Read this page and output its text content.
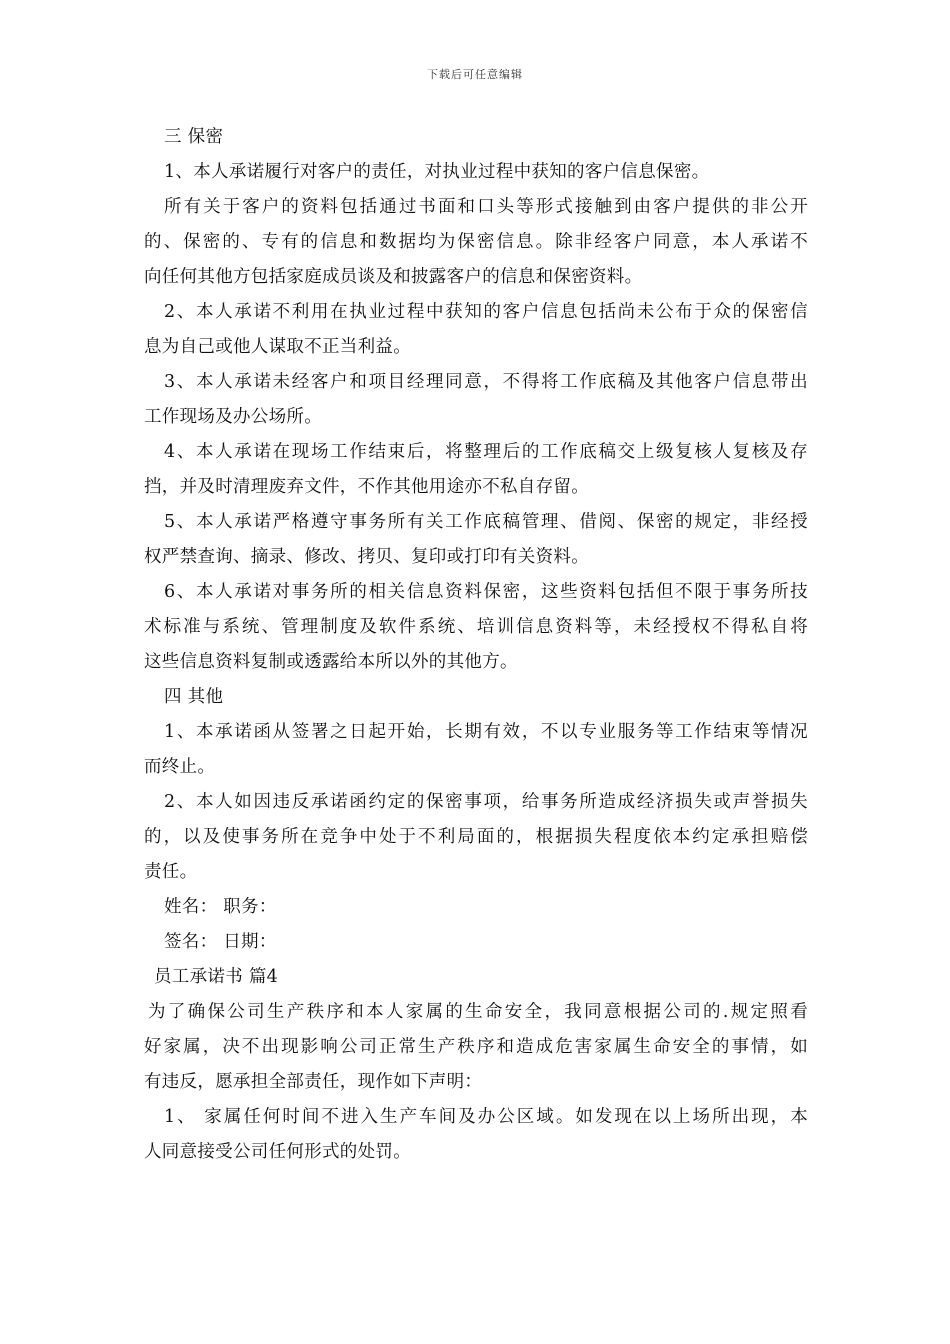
下载后可任意编辑
三 保密
1、本人承诺履行对客户的责任，对执业过程中获知的客户信息保密。
所有关于客户的资料包括通过书面和口头等形式接触到由客户提供的非公开
的、保密的、专有的信息和数据均为保密信息。除非经客户同意，本人承诺不
向任何其他方包括家庭成员谈及和披露客户的信息和保密资料。
2、本人承诺不利用在执业过程中获知的客户信息包括尚未公布于众的保密信
息为自己或他人谋取不正当利益。
3、本人承诺未经客户和项目经理同意，不得将工作底稿及其他客户信息带出
工作现场及办公场所。
4、本人承诺在现场工作结束后，将整理后的工作底稿交上级复核人复核及存
挡，并及时清理废弃文件，不作其他用途亦不私自存留。
5、本人承诺严格遵守事务所有关工作底稿管理、借阅、保密的规定，非经授
权严禁查询、摘录、修改、拷贝、复印或打印有关资料。
6、本人承诺对事务所的相关信息资料保密，这些资料包括但不限于事务所技
术标准与系统、管理制度及软件系统、培训信息资料等，未经授权不得私自将
这些信息资料复制或透露给本所以外的其他方。
四 其他
1、本承诺函从签署之日起开始，长期有效，不以专业服务等工作结束等情况
而终止。
2、本人如因违反承诺函约定的保密事项，给事务所造成经济损失或声誉损失
的，以及使事务所在竞争中处于不利局面的，根据损失程度依本约定承担赔偿
责任。
姓名： 职务：
签名： 日期：
员工承诺书 篇4
为了确保公司生产秩序和本人家属的生命安全，我同意根据公司的.规定照看
好家属，决不出现影响公司正常生产秩序和造成危害家属生命安全的事情，如
有违反，愿承担全部责任，现作如下声明：
1、 家属任何时间不进入生产车间及办公区域。如发现在以上场所出现，本
人同意接受公司任何形式的处罚。
